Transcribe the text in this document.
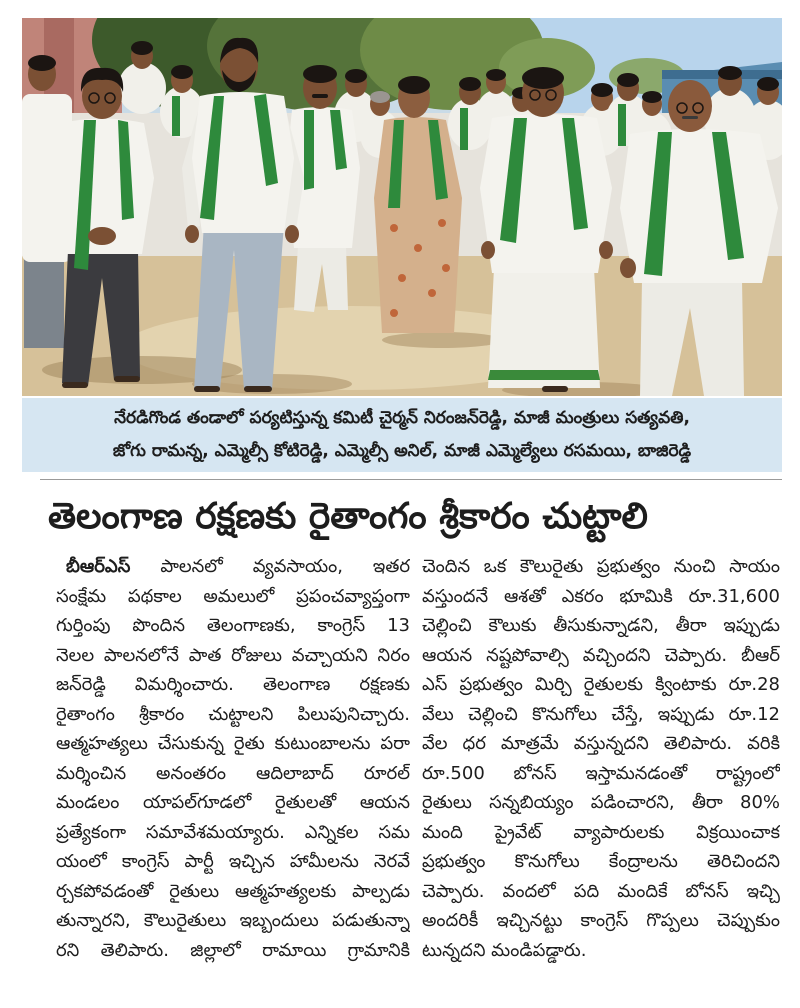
నేరడిగొండ తండాలో పర్యటిస్తున్న కమిటీ చైర్మన్ నిరంజన్‌రెడ్డి, మాజీ మంత్రులు సత్యవతి,
జోగు రామన్న, ఎమ్మెల్సీ కోటిరెడ్డి, ఎమ్మెల్సీ అనిల్, మాజీ ఎమ్మెల్యేలు రసమయి, బాజిరెడ్డి
తెలంగాణ రక్షణకు రైతాంగం శ్రీకారం చుట్టాలి
బీఆర్ఎస్ పాలనలో వ్యవసాయం, ఇతర
సంక్షేమ పథకాల అమలులో ప్రపంచవ్యాప్తంగా
గుర్తింపు పొందిన తెలంగాణకు, కాంగ్రెస్ 13
నెలల పాలనలోనే పాత రోజులు వచ్చాయని నిరం
జన్‌రెడ్డి విమర్శించారు. తెలంగాణ రక్షణకు
రైతాంగం శ్రీకారం చుట్టాలని పిలుపునిచ్చారు.
ఆత్మహత్యలు చేసుకున్న రైతు కుటుంబాలను పరా
మర్శించిన అనంతరం ఆదిలాబాద్ రూరల్
మండలం యాపల్‌గూడలో రైతులతో ఆయన
ప్రత్యేకంగా సమావేశమయ్యారు. ఎన్నికల సమ
యంలో కాంగ్రెస్ పార్టీ ఇచ్చిన హామీలను నెరవే
ర్చకపోవడంతో రైతులు ఆత్మహత్యలకు పాల్పడు
తున్నారని, కౌలురైతులు ఇబ్బందులు పడుతున్నా
రని తెలిపారు. జిల్లాలో రామాయి గ్రామానికి
చెందిన ఒక కౌలురైతు ప్రభుత్వం నుంచి సాయం
వస్తుందనే ఆశతో ఎకరం భూమికి రూ.31,600
చెల్లించి కౌలుకు తీసుకున్నాడని, తీరా ఇప్పుడు
ఆయన నష్టపోవాల్సి వచ్చిందని చెప్పారు. బీఆర్
ఎస్ ప్రభుత్వం మిర్చి రైతులకు క్వింటాకు రూ.28
వేలు చెల్లించి కొనుగోలు చేస్తే, ఇప్పుడు రూ.12
వేల ధర మాత్రమే వస్తున్నదని తెలిపారు. వరికి
రూ.500 బోనస్ ఇస్తామనడంతో రాష్ట్రంలో
రైతులు సన్నబియ్యం పడించారని, తీరా 80%
మంది ప్రైవేట్ వ్యాపారులకు విక్రయించాక
ప్రభుత్వం కొనుగోలు కేంద్రాలను తెరిచిందని
చెప్పారు. వందలో పది మందికే బోనస్ ఇచ్చి
అందరికీ ఇచ్చినట్టు కాంగ్రెస్ గొప్పలు చెప్పుకుం
టున్నదని మండిపడ్డారు.
